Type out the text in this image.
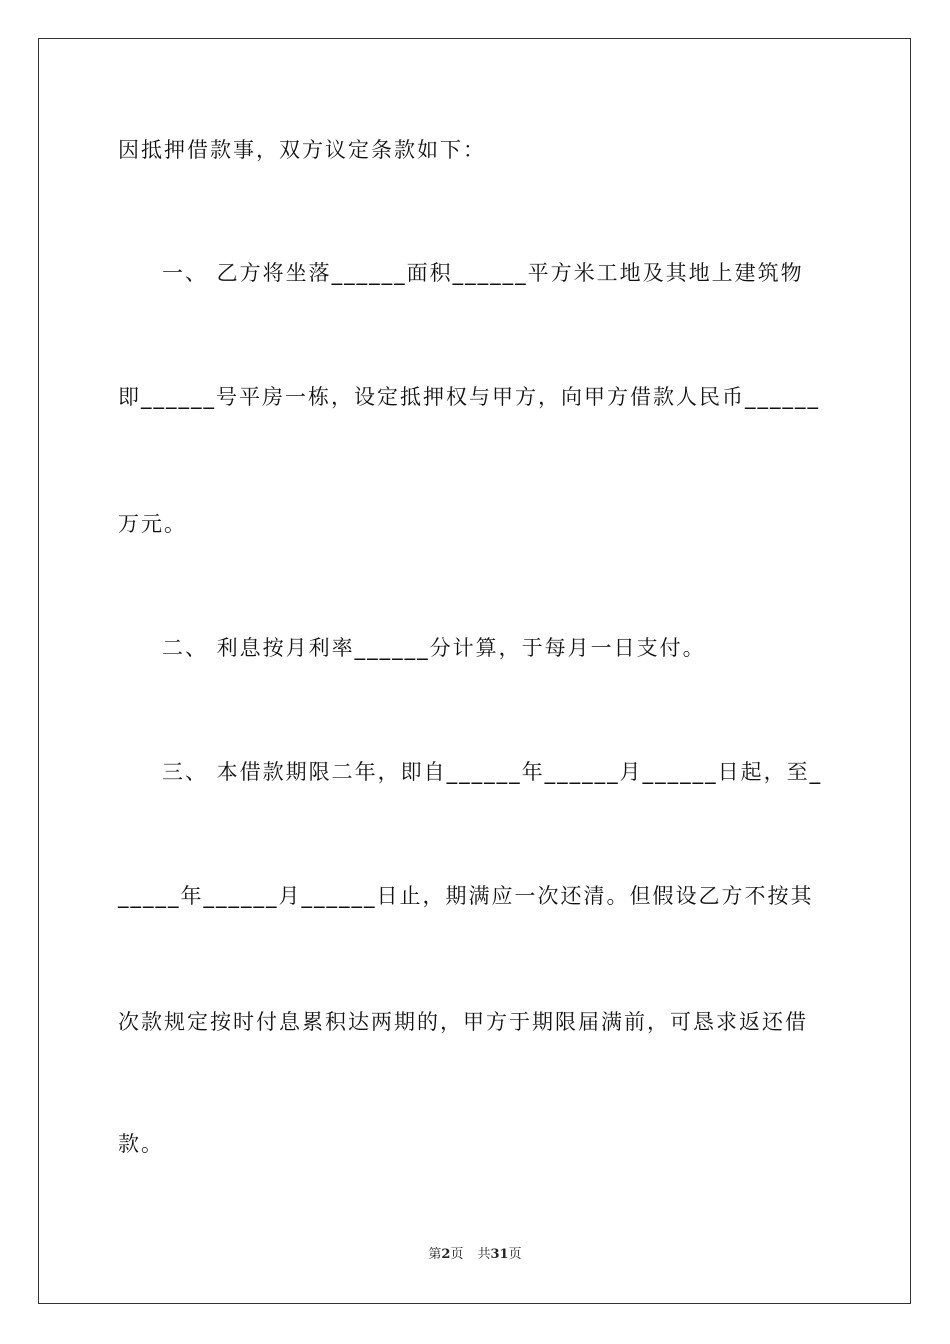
因抵押借款事，双方议定条款如下：
一、 乙方将坐落______面积______平方米工地及其地上建筑物
即______号平房一栋，设定抵押权与甲方，向甲方借款人民币______
万元。
二、 利息按月利率______分计算，于每月一日支付。
三、 本借款期限二年，即自______年______月______日起，至_
_____年______月______日止，期满应一次还清。但假设乙方不按其
次款规定按时付息累积达两期的，甲方于期限届满前，可恳求返还借
款。
第2页 共31页
